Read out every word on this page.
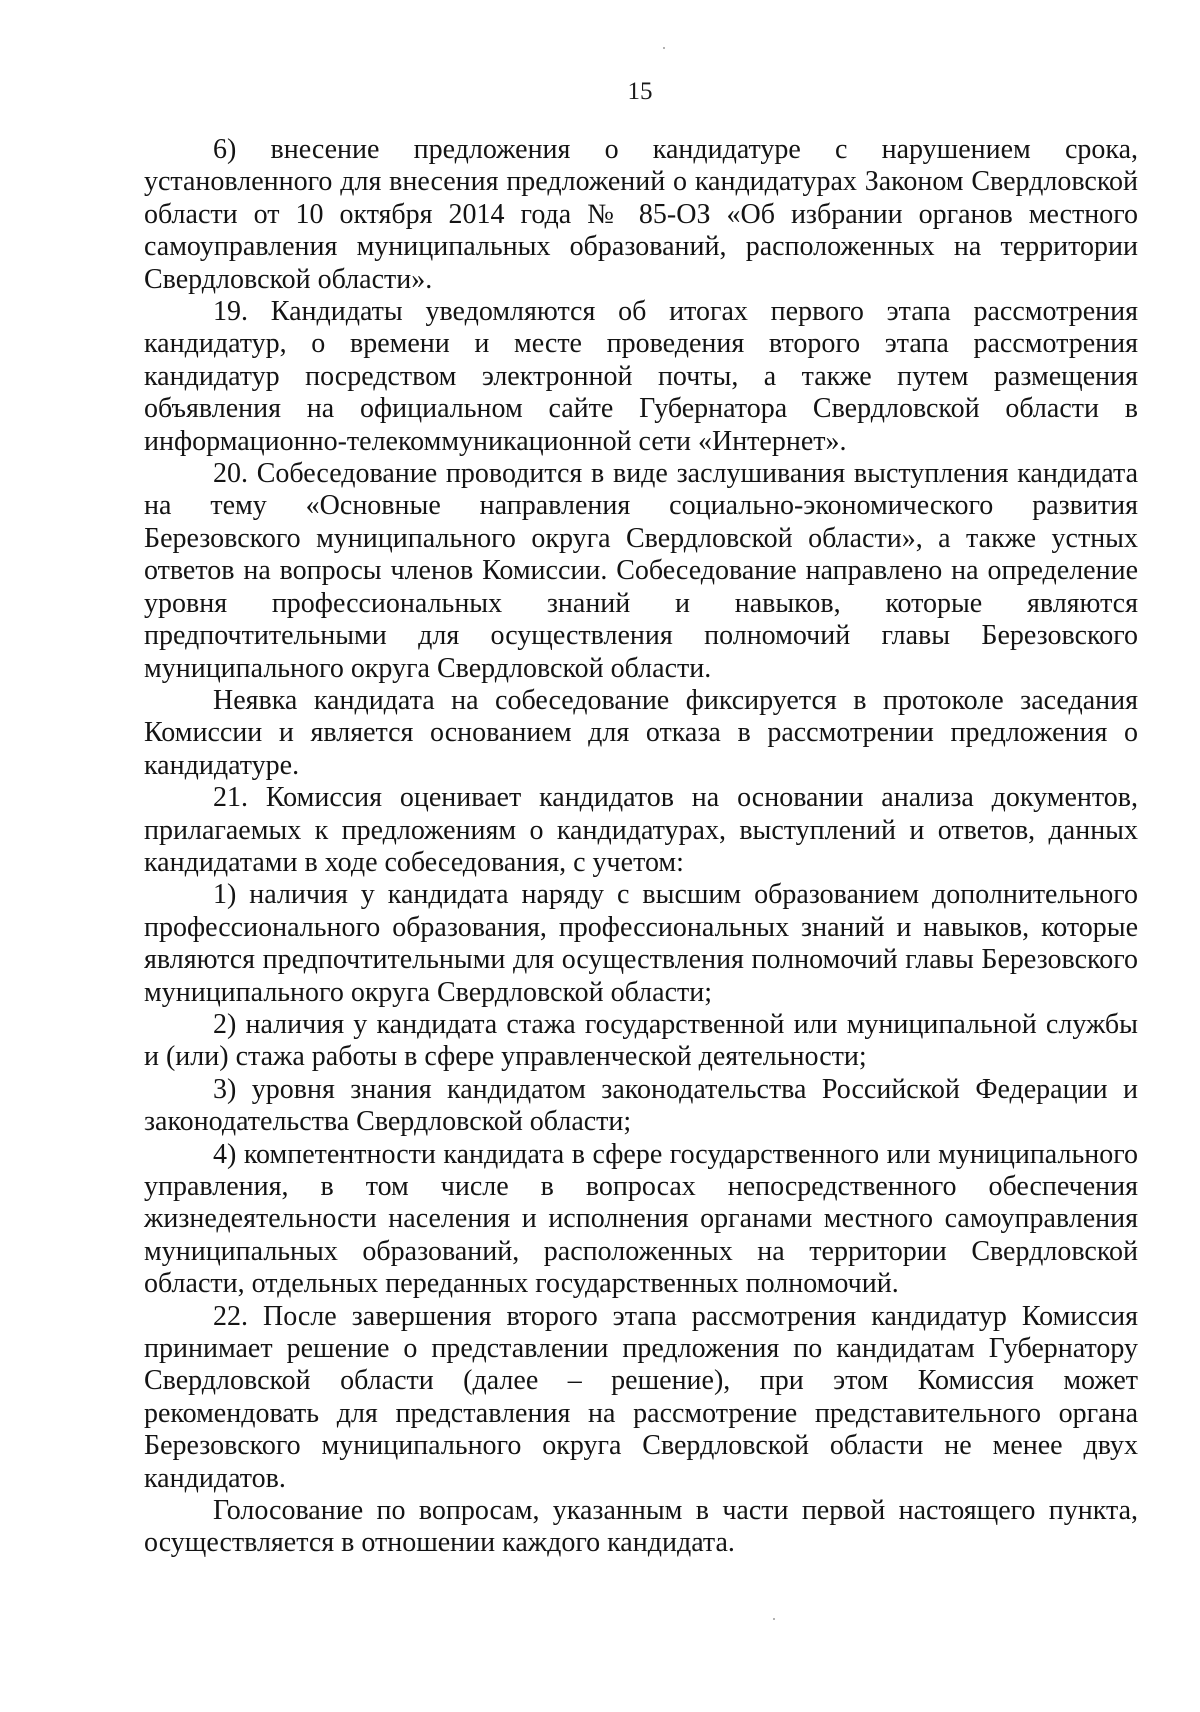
15

6) внесение предложения о кандидатуре с нарушением срока, установленного для внесения предложений о кандидатурах Законом Свердловской области от 10 октября 2014 года № 85-ОЗ «Об избрании органов местного самоуправления муниципальных образований, расположенных на территории Свердловской области».

19. Кандидаты уведомляются об итогах первого этапа рассмотрения кандидатур, о времени и месте проведения второго этапа рассмотрения кандидатур посредством электронной почты, а также путем размещения объявления на официальном сайте Губернатора Свердловской области в информационно-телекоммуникационной сети «Интернет».

20. Собеседование проводится в виде заслушивания выступления кандидата на тему «Основные направления социально-экономического развития Березовского муниципального округа Свердловской области», а также устных ответов на вопросы членов Комиссии. Собеседование направлено на определение уровня профессиональных знаний и навыков, которые являются предпочтительными для осуществления полномочий главы Березовского муниципального округа Свердловской области.

Неявка кандидата на собеседование фиксируется в протоколе заседания Комиссии и является основанием для отказа в рассмотрении предложения о кандидатуре.

21. Комиссия оценивает кандидатов на основании анализа документов, прилагаемых к предложениям о кандидатурах, выступлений и ответов, данных кандидатами в ходе собеседования, с учетом:

1) наличия у кандидата наряду с высшим образованием дополнительного профессионального образования, профессиональных знаний и навыков, которые являются предпочтительными для осуществления полномочий главы Березовского муниципального округа Свердловской области;

2) наличия у кандидата стажа государственной или муниципальной службы и (или) стажа работы в сфере управленческой деятельности;

3) уровня знания кандидатом законодательства Российской Федерации и законодательства Свердловской области;

4) компетентности кандидата в сфере государственного или муниципального управления, в том числе в вопросах непосредственного обеспечения жизнедеятельности населения и исполнения органами местного самоуправления муниципальных образований, расположенных на территории Свердловской области, отдельных переданных государственных полномочий.

22. После завершения второго этапа рассмотрения кандидатур Комиссия принимает решение о представлении предложения по кандидатам Губернатору Свердловской области (далее – решение), при этом Комиссия может рекомендовать для представления на рассмотрение представительного органа Березовского муниципального округа Свердловской области не менее двух кандидатов.

Голосование по вопросам, указанным в части первой настоящего пункта, осуществляется в отношении каждого кандидата.
